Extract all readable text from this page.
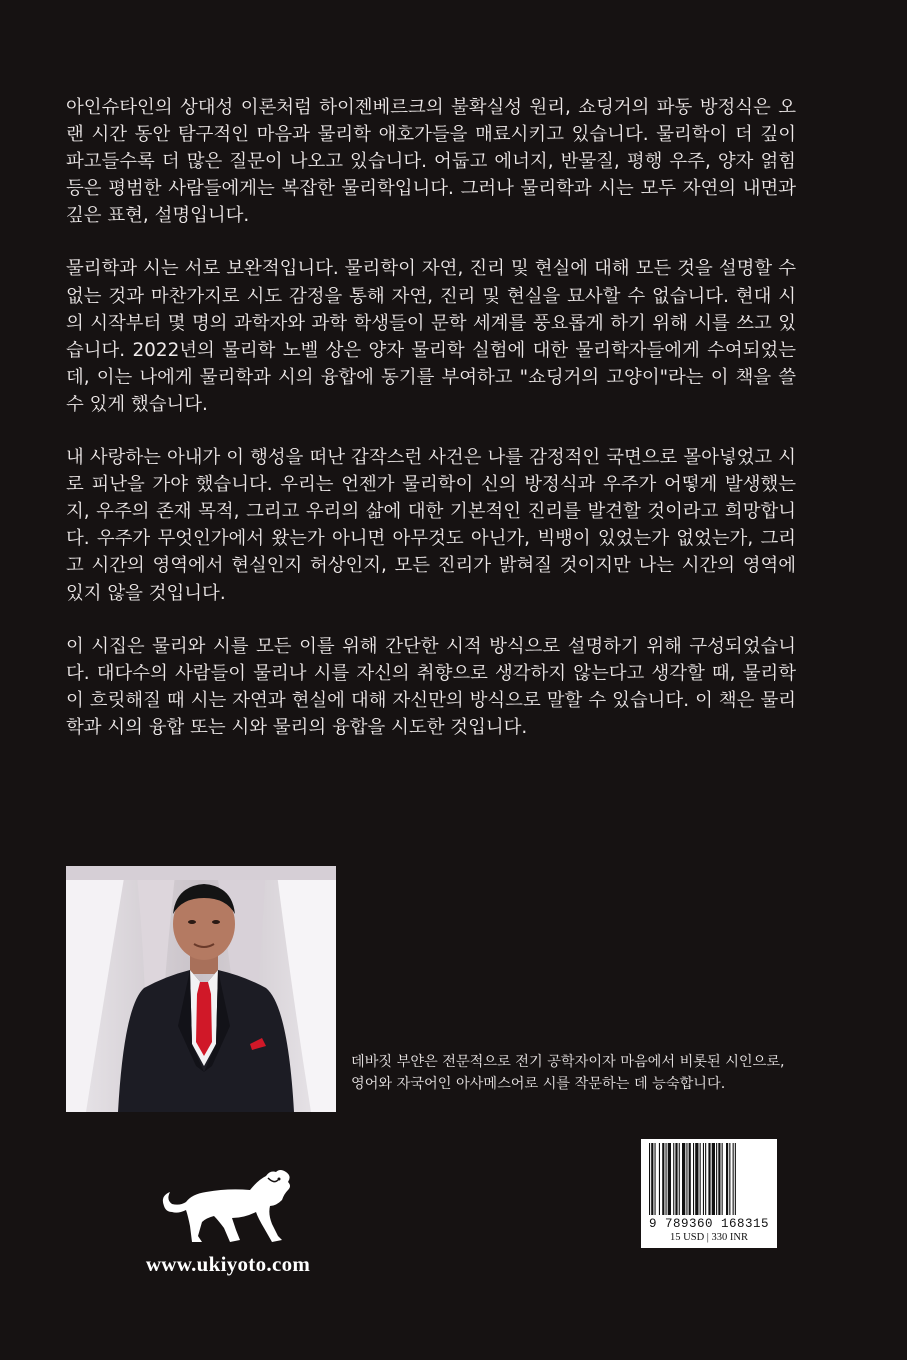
아인슈타인의 상대성 이론처럼 하이젠베르크의 불확실성 원리, 쇼딩거의 파동 방정식은 오랜 시간 동안 탐구적인 마음과 물리학 애호가들을 매료시키고 있습니다. 물리학이 더 깊이 파고들수록 더 많은 질문이 나오고 있습니다. 어둡고 에너지, 반물질, 평행 우주, 양자 얽힘 등은 평범한 사람들에게는 복잡한 물리학입니다. 그러나 물리학과 시는 모두 자연의 내면과 깊은 표현, 설명입니다.

물리학과 시는 서로 보완적입니다. 물리학이 자연, 진리 및 현실에 대해 모든 것을 설명할 수 없는 것과 마찬가지로 시도 감정을 통해 자연, 진리 및 현실을 묘사할 수 없습니다. 현대 시의 시작부터 몇 명의 과학자와 과학 학생들이 문학 세계를 풍요롭게 하기 위해 시를 쓰고 있습니다. 2022년의 물리학 노벨 상은 양자 물리학 실험에 대한 물리학자들에게 수여되었는데, 이는 나에게 물리학과 시의 융합에 동기를 부여하고 "쇼딩거의 고양이"라는 이 책을 쓸 수 있게 했습니다.

내 사랑하는 아내가 이 행성을 떠난 갑작스런 사건은 나를 감정적인 국면으로 몰아넣었고 시로 피난을 가야 했습니다. 우리는 언젠가 물리학이 신의 방정식과 우주가 어떻게 발생했는지, 우주의 존재 목적, 그리고 우리의 삶에 대한 기본적인 진리를 발견할 것이라고 희망합니다. 우주가 무엇인가에서 왔는가 아니면 아무것도 아닌가, 빅뱅이 있었는가 없었는가, 그리고 시간의 영역에서 현실인지 허상인지, 모든 진리가 밝혀질 것이지만 나는 시간의 영역에 있지 않을 것입니다.

이 시집은 물리와 시를 모든 이를 위해 간단한 시적 방식으로 설명하기 위해 구성되었습니다. 대다수의 사람들이 물리나 시를 자신의 취향으로 생각하지 않는다고 생각할 때, 물리학이 흐릿해질 때 시는 자연과 현실에 대해 자신만의 방식으로 말할 수 있습니다. 이 책은 물리학과 시의 융합 또는 시와 물리의 융합을 시도한 것입니다.

데바짓 부얀은 전문적으로 전기 공학자이자 마음에서 비롯된 시인으로, 영어와 자국어인 아사메스어로 시를 작문하는 데 능숙합니다.
9 789360 168315
15 USD | 330 INR
www.ukiyoto.com
